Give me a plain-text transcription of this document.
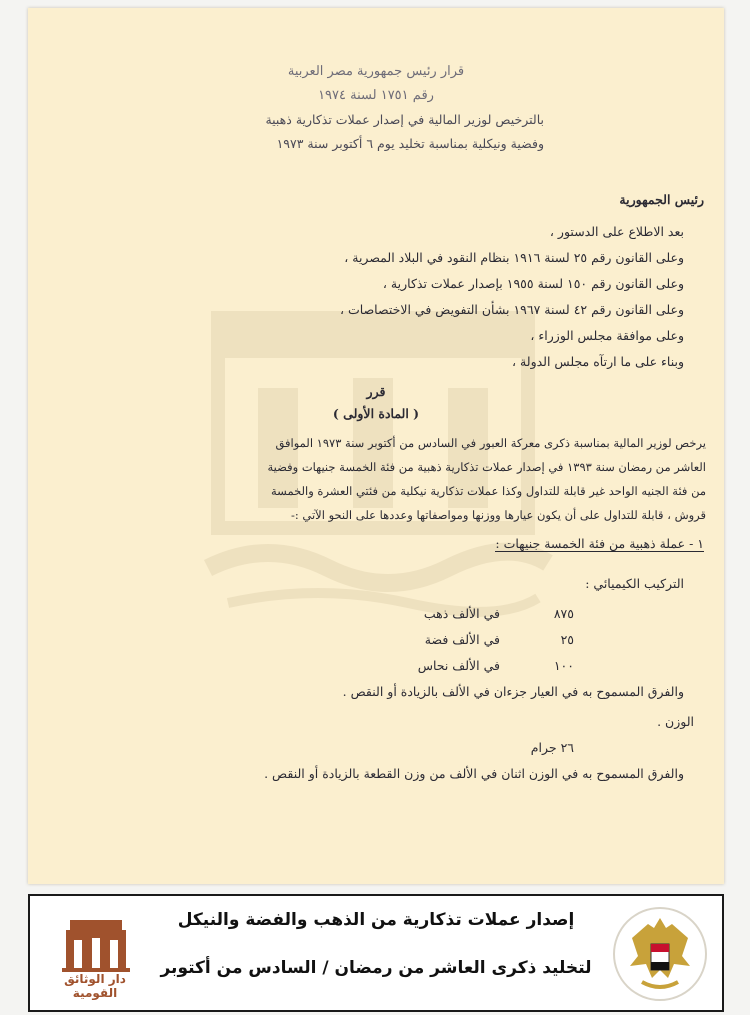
قرار رئيس جمهورية مصر العربية
رقم ١٧٥١ لسنة ١٩٧٤
بالترخيص لوزير المالية في إصدار عملات تذكارية ذهبية
وفضية ونيكلية بمناسبة تخليد يوم ٦ أكتوبر سنة ١٩٧٣
رئيس الجمهورية
بعد الاطلاع على الدستور ،
وعلى القانون رقم ٢٥ لسنة ١٩١٦ بنظام النقود في البلاد المصرية ،
وعلى القانون رقم ١٥٠ لسنة ١٩٥٥ بإصدار عملات تذكارية ،
وعلى القانون رقم ٤٢ لسنة ١٩٦٧ بشأن التفويض في الاختصاصات ،
وعلى موافقة مجلس الوزراء ،
وبناء على ما ارتآه مجلس الدولة ،
قرر
( المادة الأولى )
يرخص لوزير المالية بمناسبة ذكرى معركة العبور في السادس من أكتوبر سنة ١٩٧٣ الموافق
العاشر من رمضان سنة ١٣٩٣ في إصدار عملات تذكارية ذهبية من فئة الخمسة جنيهات وفضية
من فئة الجنيه الواحد غير قابلة للتداول وكذا عملات تذكارية نيكلية من فئتي العشرة والخمسة
قروش ، قابلة للتداول على أن يكون عيارها ووزنها ومواصفاتها وعددها على النحو الآتي :-
١ - عملة ذهبية من فئة الخمسة جنيهات :
التركيب الكيميائي :
٨٧٥ في الألف ذهب
٢٥ في الألف فضة
١٠٠ في الألف نحاس
والفرق المسموح به في العيار جزءان في الألف بالزيادة أو النقص .
الوزن .
٢٦ جرام
والفرق المسموح به في الوزن اثنان في الألف من وزن القطعة بالزيادة أو النقص .
إصدار عملات تذكارية من الذهب والفضة والنيكل
لتخليد ذكرى العاشر من رمضان / السادس من أكتوبر
دار الوثائق القومية
